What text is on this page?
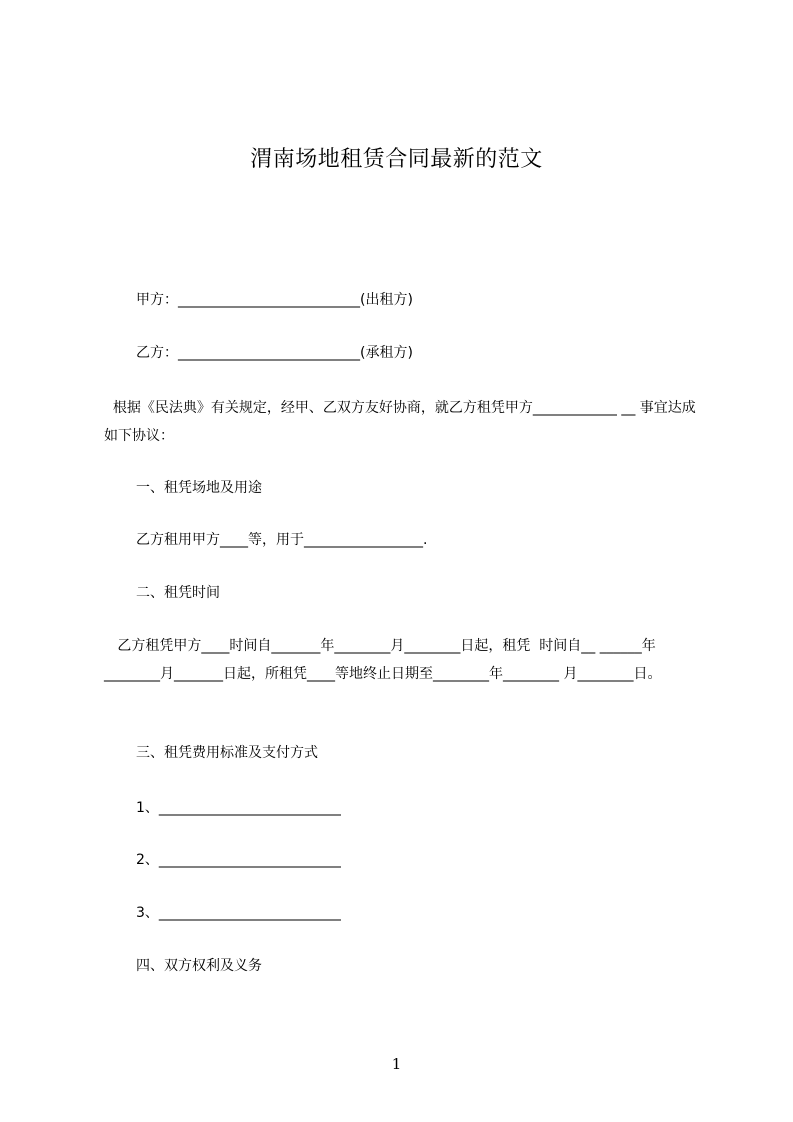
渭南场地租赁合同最新的范文
甲方：__________________________(出租方)
乙方：__________________________(承租方)
根据《民法典》有关规定，经甲、乙双方友好协商，就乙方租凭甲方____________ __ 事宜达成如下协议：
一、租凭场地及用途
乙方租用甲方____等，用于_________________.
二、租凭时间
乙方租凭甲方____时间自_______年________月________日起，租凭  时间自__ ______年________月_______日起，所租凭____等地终止日期至________年________ 月________日。
三、租凭费用标准及支付方式
1、__________________________
2、__________________________
3、__________________________
四、双方权利及义务
1
